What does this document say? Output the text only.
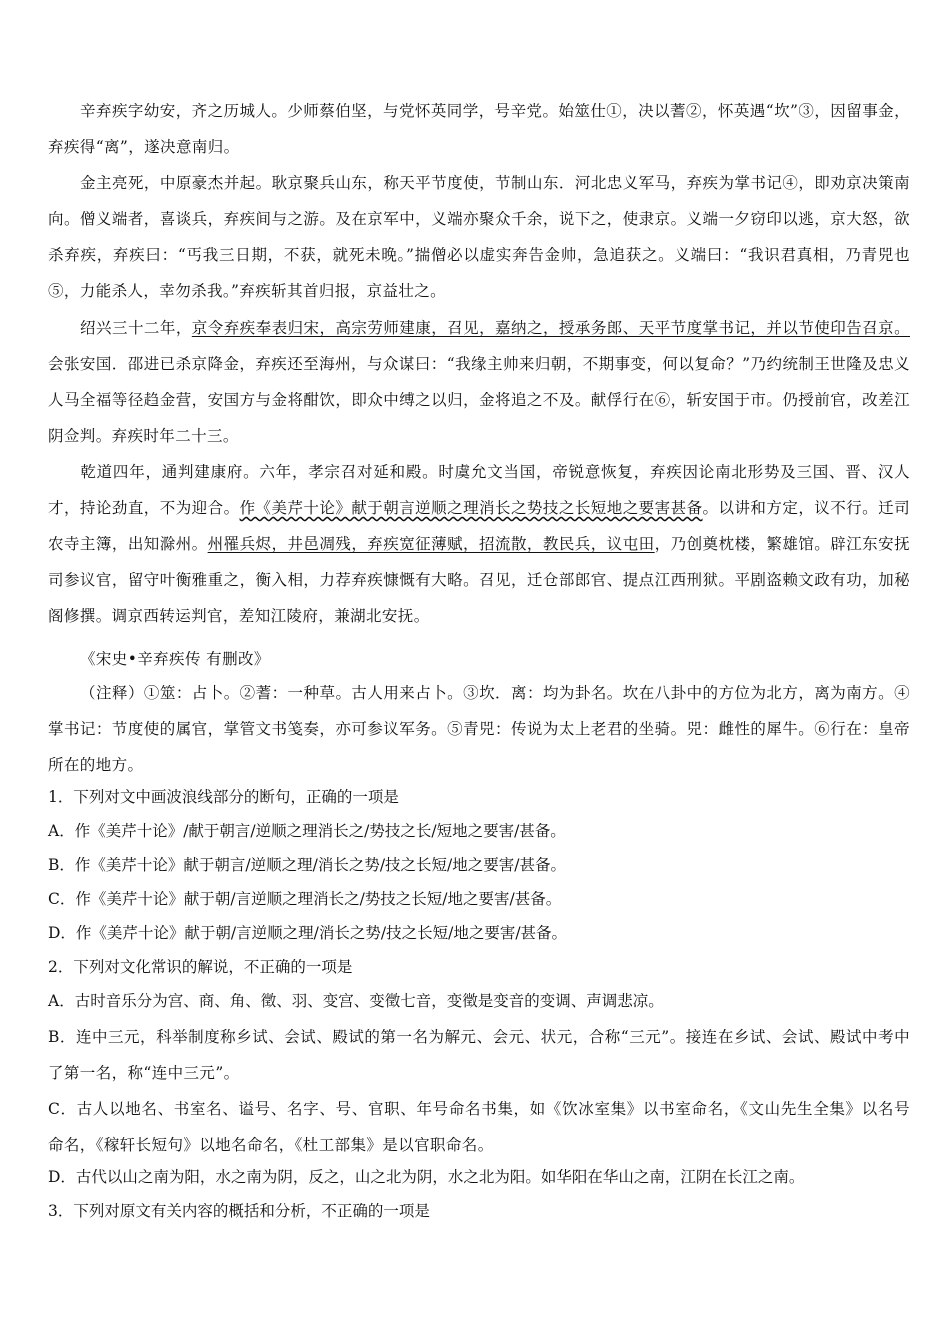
辛弃疾字幼安，齐之历城人。少师蔡伯坚，与党怀英同学，号辛党。始筮仕①，决以蓍②，怀英遇“坎”③，因留事金，弃疾得“离”，遂决意南归。

金主亮死，中原豪杰并起。耿京聚兵山东，称天平节度使，节制山东．河北忠义军马，弃疾为掌书记④，即劝京决策南向。僧义端者，喜谈兵，弃疾间与之游。及在京军中，义端亦聚众千余，说下之，使隶京。义端一夕窃印以逃，京大怒，欲杀弃疾，弃疾曰：“丐我三日期，不获，就死未晚。”揣僧必以虚实奔告金帅，急追获之。义端曰：“我识君真相，乃青兕也⑤，力能杀人，幸勿杀我。”弃疾斩其首归报，京益壮之。

绍兴三十二年，京令弃疾奉表归宋，高宗劳师建康，召见，嘉纳之，授承务郎、天平节度掌书记，并以节使印告召京。会张安国．邵进已杀京降金，弃疾还至海州，与众谋曰：“我缘主帅来归朝，不期事变，何以复命？”乃约统制王世隆及忠义人马全福等径趋金营，安国方与金将酣饮，即众中缚之以归，金将追之不及。献俘行在⑥，斩安国于市。仍授前官，改差江阴佥判。弃疾时年二十三。

乾道四年，通判建康府。六年，孝宗召对延和殿。时虞允文当国，帝锐意恢复，弃疾因论南北形势及三国、晋、汉人才，持论劲直，不为迎合。作《美芹十论》献于朝言逆顺之理消长之势技之长短地之要害甚备。以讲和方定，议不行。迁司农寺主簿，出知滁州。州罹兵烬，井邑凋残，弃疾宽征薄赋，招流散，教民兵，议屯田，乃创奠枕楼，繁雄馆。辟江东安抚司参议官，留守叶衡雅重之，衡入相，力荐弃疾慷慨有大略。召见，迁仓部郎官、提点江西刑狱。平剧盗赖文政有功，加秘阁修撰。调京西转运判官，差知江陵府，兼湖北安抚。

《宋史•辛弃疾传 有删改》

（注释）①筮：占卜。②蓍：一种草。古人用来占卜。③坎．离：均为卦名。坎在八卦中的方位为北方，离为南方。④掌书记：节度使的属官，掌管文书笺奏，亦可参议军务。⑤青兕：传说为太上老君的坐骑。兕：雌性的犀牛。⑥行在：皇帝所在的地方。

1．下列对文中画波浪线部分的断句，正确的一项是

A．作《美芹十论》/献于朝言/逆顺之理消长之/势技之长/短地之要害/甚备。

B．作《美芹十论》献于朝言/逆顺之理/消长之势/技之长短/地之要害/甚备。

C．作《美芹十论》献于朝/言逆顺之理消长之/势技之长短/地之要害/甚备。

D．作《美芹十论》献于朝/言逆顺之理/消长之势/技之长短/地之要害/甚备。

2．下列对文化常识的解说，不正确的一项是

A．古时音乐分为宫、商、角、徵、羽、变宫、变徵七音，变徵是变音的变调、声调悲凉。

B．连中三元，科举制度称乡试、会试、殿试的第一名为解元、会元、状元，合称“三元”。接连在乡试、会试、殿试中考中了第一名，称“连中三元”。

C．古人以地名、书室名、谥号、名字、号、官职、年号命名书集，如《饮冰室集》以书室命名，《文山先生全集》以名号命名，《稼轩长短句》以地名命名，《杜工部集》是以官职命名。

D．古代以山之南为阳，水之南为阴，反之，山之北为阴，水之北为阳。如华阳在华山之南，江阴在长江之南。

3．下列对原文有关内容的概括和分析，不正确的一项是
